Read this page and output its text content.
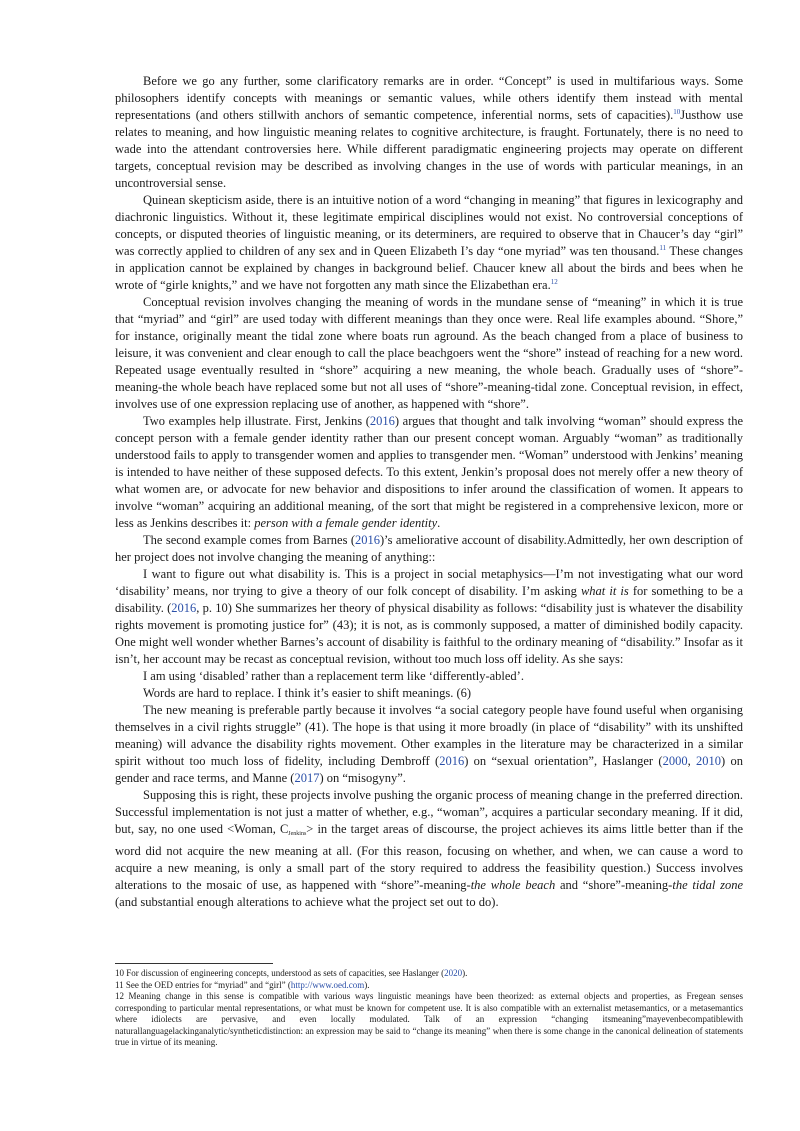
Before we go any further, some clarificatory remarks are in order. “Concept” is used in multifarious ways. Some philosophers identify concepts with meanings or semantic values, while others identify them instead with mental representations (and others stillwith anchors of semantic competence, inferential norms, sets of capacities).$^{10}$Justhow use relates to meaning, and how linguistic meaning relates to cognitive architecture, is fraught. Fortunately, there is no need to wade into the attendant controversies here. While different paradigmatic engineering projects may operate on different targets, conceptual revision may be described as involving changes in the use of words with particular meanings, in an uncontroversial sense.

Quinean skepticism aside, there is an intuitive notion of a word “changing in meaning” that figures in lexicography and diachronic linguistics. Without it, these legitimate empirical disciplines would not exist. No controversial conceptions of concepts, or disputed theories of linguistic meaning, or its determiners, are required to observe that in Chaucer’s day “girl” was correctly applied to children of any sex and in Queen Elizabeth I’s day “one myriad” was ten thousand.$^{11}$ These changes in application cannot be explained by changes in background belief. Chaucer knew all about the birds and bees when he wrote of “girle knights,” and we have not forgotten any math since the Elizabethan era.$^{12}$

Conceptual revision involves changing the meaning of words in the mundane sense of “meaning” in which it is true that “myriad” and “girl” are used today with different meanings than they once were. Real life examples abound. “Shore,” for instance, originally meant the tidal zone where boats run aground. As the beach changed from a place of business to leisure, it was convenient and clear enough to call the place beachgoers went the “shore” instead of reaching for a new word. Repeated usage eventually resulted in “shore” acquiring a new meaning, the whole beach. Gradually uses of “shore”-meaning-the whole beach have replaced some but not all uses of “shore”-meaning-tidal zone. Conceptual revision, in effect, involves use of one expression replacing use of another, as happened with “shore”.

Two examples help illustrate. First, Jenkins (2016) argues that thought and talk involving “woman” should express the concept person with a female gender identity rather than our present concept woman. Arguably “woman” as traditionally understood fails to apply to transgender women and applies to transgender men. “Woman” understood with Jenkins’ meaning is intended to have neither of these supposed defects. To this extent, Jenkin’s proposal does not merely offer a new theory of what women are, or advocate for new behavior and dispositions to infer around the classification of women. It appears to involve “woman” acquiring an additional meaning, of the sort that might be registered in a comprehensive lexicon, more or less as Jenkins describes it: person with a female gender identity.

The second example comes from Barnes (2016)’s ameliorative account of disability.Admittedly, her own description of her project does not involve changing the meaning of anything::

I want to figure out what disability is. This is a project in social metaphysics—I’m not investigating what our word ‘disability’ means, nor trying to give a theory of our folk concept of disability. I’m asking what it is for something to be a disability. (2016, p. 10) She summarizes her theory of physical disability as follows: “disability just is whatever the disability rights movement is promoting justice for” (43); it is not, as is commonly supposed, a matter of diminished bodily capacity. One might well wonder whether Barnes’s account of disability is faithful to the ordinary meaning of “disability.” Insofar as it isn’t, her account may be recast as conceptual revision, without too much loss off idelity. As she says:

I am using ‘disabled’ rather than a replacement term like ‘differently-abled’.

Words are hard to replace. I think it’s easier to shift meanings. (6)

The new meaning is preferable partly because it involves “a social category people have found useful when organising themselves in a civil rights struggle” (41). The hope is that using it more broadly (in place of “disability” with its unshifted meaning) will advance the disability rights movement. Other examples in the literature may be characterized in a similar spirit without too much loss of fidelity, including Dembroff (2016) on “sexual orientation”, Haslanger (2000, 2010) on gender and race terms, and Manne (2017) on “misogyny”.

Supposing this is right, these projects involve pushing the organic process of meaning change in the preferred direction. Successful implementation is not just a matter of whether, e.g., “woman”, acquires a particular secondary meaning. If it did, but, say, no one used <Woman, $C_{Jenkins}>$ in the target areas of discourse, the project achieves its aims little better than if the word did not acquire the new meaning at all. (For this reason, focusing on whether, and when, we can cause a word to acquire a new meaning, is only a small part of the story required to address the feasibility question.) Success involves alterations to the mosaic of use, as happened with “shore”-meaning-the whole beach and “shore”-meaning-the tidal zone (and substantial enough alterations to achieve what the project set out to do).

10 For discussion of engineering concepts, understood as sets of capacities, see Haslanger (2020).

11 See the OED entries for “myriad” and “girl” (http://www.oed.com).

12 Meaning change in this sense is compatible with various ways linguistic meanings have been theorized: as external objects and properties, as Fregean senses corresponding to particular mental representations, or what must be known for competent use. It is also compatible with an externalist metasemantics, or a metasemantics where idiolects are pervasive, and even locally modulated. Talk of an expression “changing itsmeaning”mayevenbecompatiblewith naturallanguagelackinganalytic/syntheticdistinction: an expression may be said to “change its meaning” when there is some change in the canonical delineation of statements true in virtue of its meaning.
